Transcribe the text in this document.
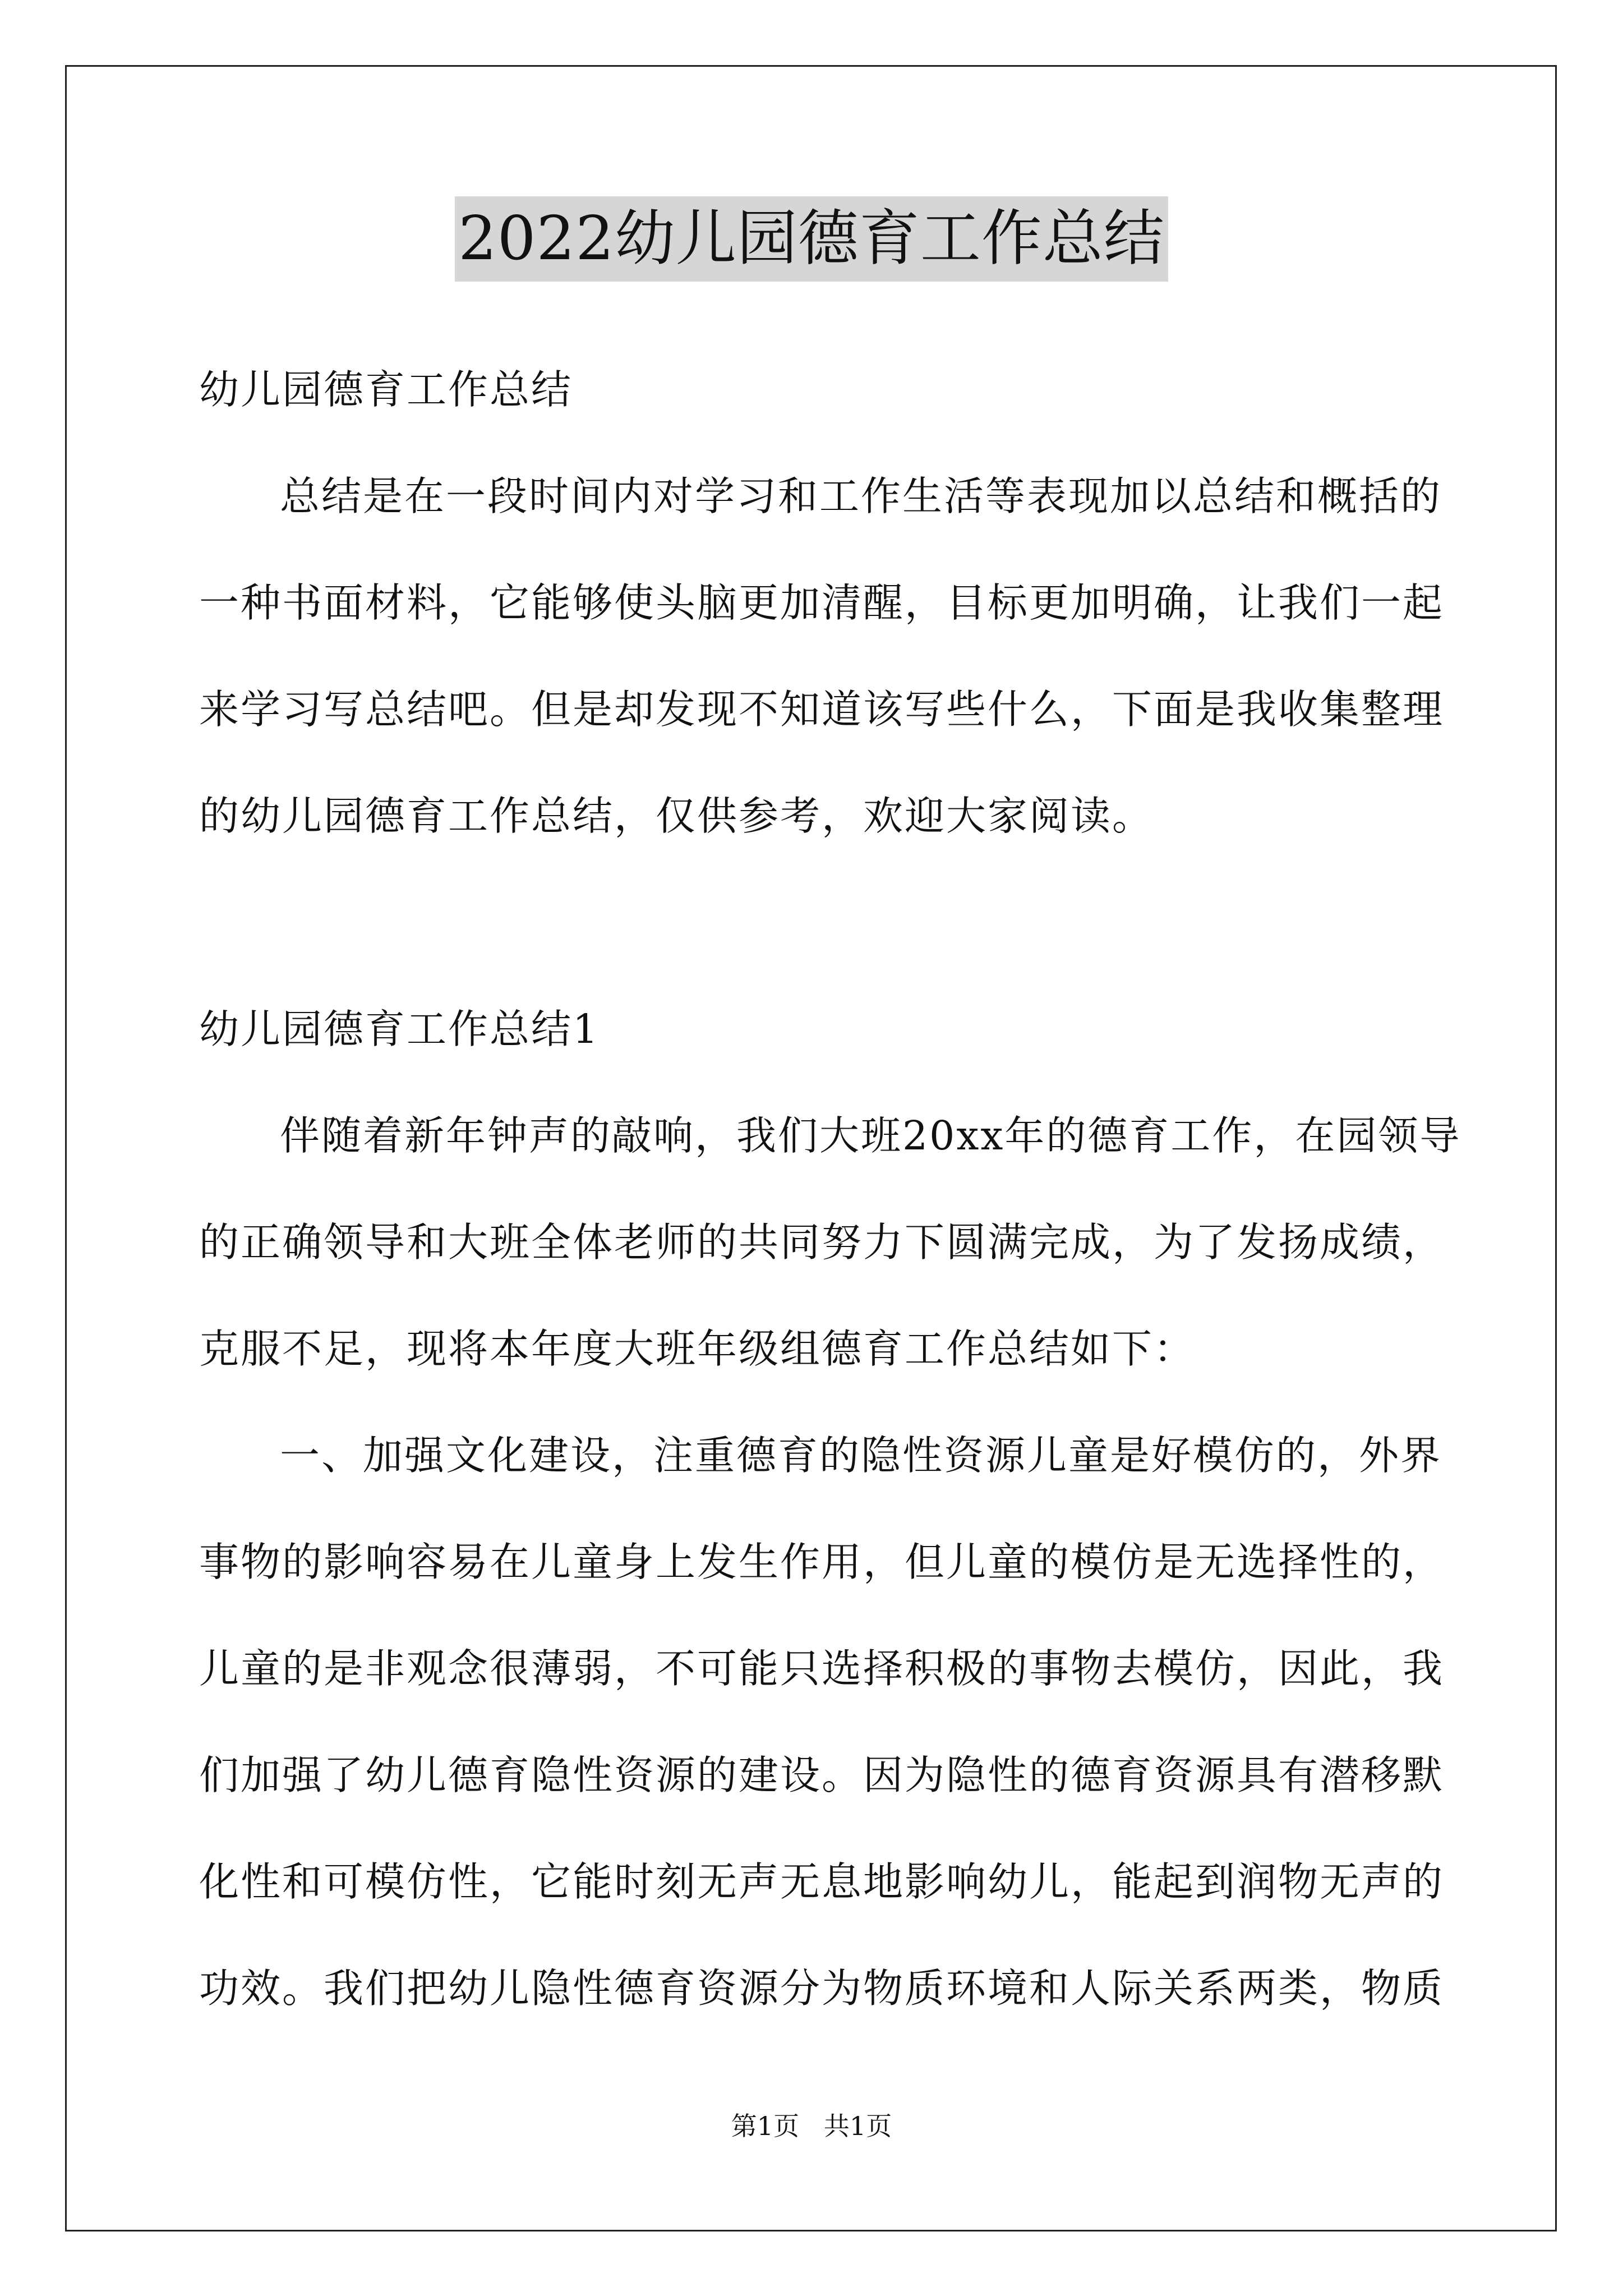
2022幼儿园德育工作总结
幼儿园德育工作总结
总结是在一段时间内对学习和工作生活等表现加以总结和概括的
一种书面材料，它能够使头脑更加清醒，目标更加明确，让我们一起
来学习写总结吧。但是却发现不知道该写些什么，下面是我收集整理
的幼儿园德育工作总结，仅供参考，欢迎大家阅读。
幼儿园德育工作总结1
伴随着新年钟声的敲响，我们大班20xx年的德育工作，在园领导
的正确领导和大班全体老师的共同努力下圆满完成，为了发扬成绩，
克服不足，现将本年度大班年级组德育工作总结如下：
一、加强文化建设，注重德育的隐性资源儿童是好模仿的，外界
事物的影响容易在儿童身上发生作用，但儿童的模仿是无选择性的，
儿童的是非观念很薄弱，不可能只选择积极的事物去模仿，因此，我
们加强了幼儿德育隐性资源的建设。因为隐性的德育资源具有潜移默
化性和可模仿性，它能时刻无声无息地影响幼儿，能起到润物无声的
功效。我们把幼儿隐性德育资源分为物质环境和人际关系两类，物质
第1页   共1页
